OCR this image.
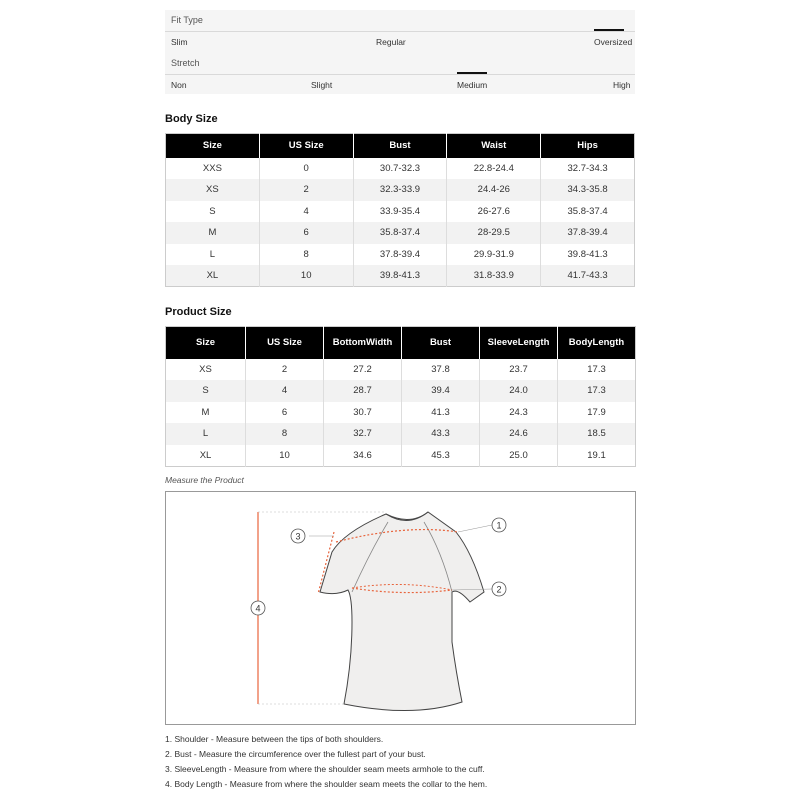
Fit Type
Slim	Regular	Oversized
Stretch
Non	Slight	Medium	High
Body Size
Size	US Size	Bust	Waist	Hips
XXS	0	30.7-32.3	22.8-24.4	32.7-34.3
XS	2	32.3-33.9	24.4-26	34.3-35.8
S	4	33.9-35.4	26-27.6	35.8-37.4
M	6	35.8-37.4	28-29.5	37.8-39.4
L	8	37.8-39.4	29.9-31.9	39.8-41.3
XL	10	39.8-41.3	31.8-33.9	41.7-43.3
Product Size
Size	US Size	BottomWidth	Bust	SleeveLength	BodyLength
XS	2	27.2	37.8	23.7	17.3
S	4	28.7	39.4	24.0	17.3
M	6	30.7	41.3	24.3	17.9
L	8	32.7	43.3	24.6	18.5
XL	10	34.6	45.3	25.0	19.1
Measure the Product
1
2
3
4
1. Shoulder - Measure between the tips of both shoulders.
2. Bust - Measure the circumference over the fullest part of your bust.
3. SleeveLength - Measure from where the shoulder seam meets armhole to the cuff.
4. Body Length - Measure from where the shoulder seam meets the collar to the hem.
